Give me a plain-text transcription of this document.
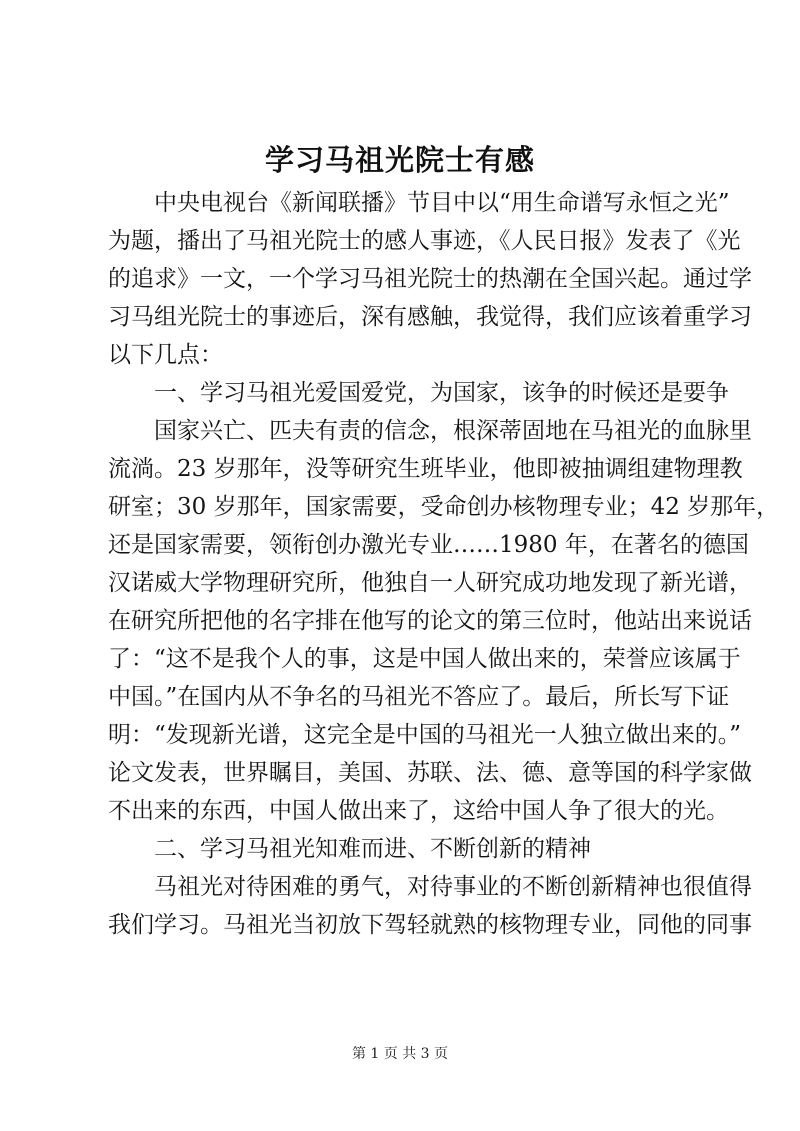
学习马祖光院士有感
中央电视台《新闻联播》节目中以“用生命谱写永恒之光”
为题，播出了马祖光院士的感人事迹，《人民日报》发表了《光
的追求》一文，一个学习马祖光院士的热潮在全国兴起。通过学
习马组光院士的事迹后，深有感触，我觉得，我们应该着重学习
以下几点：
一、学习马祖光爱国爱党，为国家，该争的时候还是要争
国家兴亡、匹夫有责的信念，根深蒂固地在马祖光的血脉里
流淌。23 岁那年，没等研究生班毕业，他即被抽调组建物理教
研室；30 岁那年，国家需要，受命创办核物理专业；42 岁那年，
还是国家需要，领衔创办激光专业……1980 年，在著名的德国
汉诺威大学物理研究所，他独自一人研究成功地发现了新光谱，
在研究所把他的名字排在他写的论文的第三位时，他站出来说话
了：“这不是我个人的事，这是中国人做出来的，荣誉应该属于
中国。”在国内从不争名的马祖光不答应了。最后，所长写下证
明：“发现新光谱，这完全是中国的马祖光一人独立做出来的。”
论文发表，世界瞩目，美国、苏联、法、德、意等国的科学家做
不出来的东西，中国人做出来了，这给中国人争了很大的光。
二、学习马祖光知难而进、不断创新的精神
马祖光对待困难的勇气，对待事业的不断创新精神也很值得
我们学习。马祖光当初放下驾轻就熟的核物理专业，同他的同事
第 1 页 共 3 页
